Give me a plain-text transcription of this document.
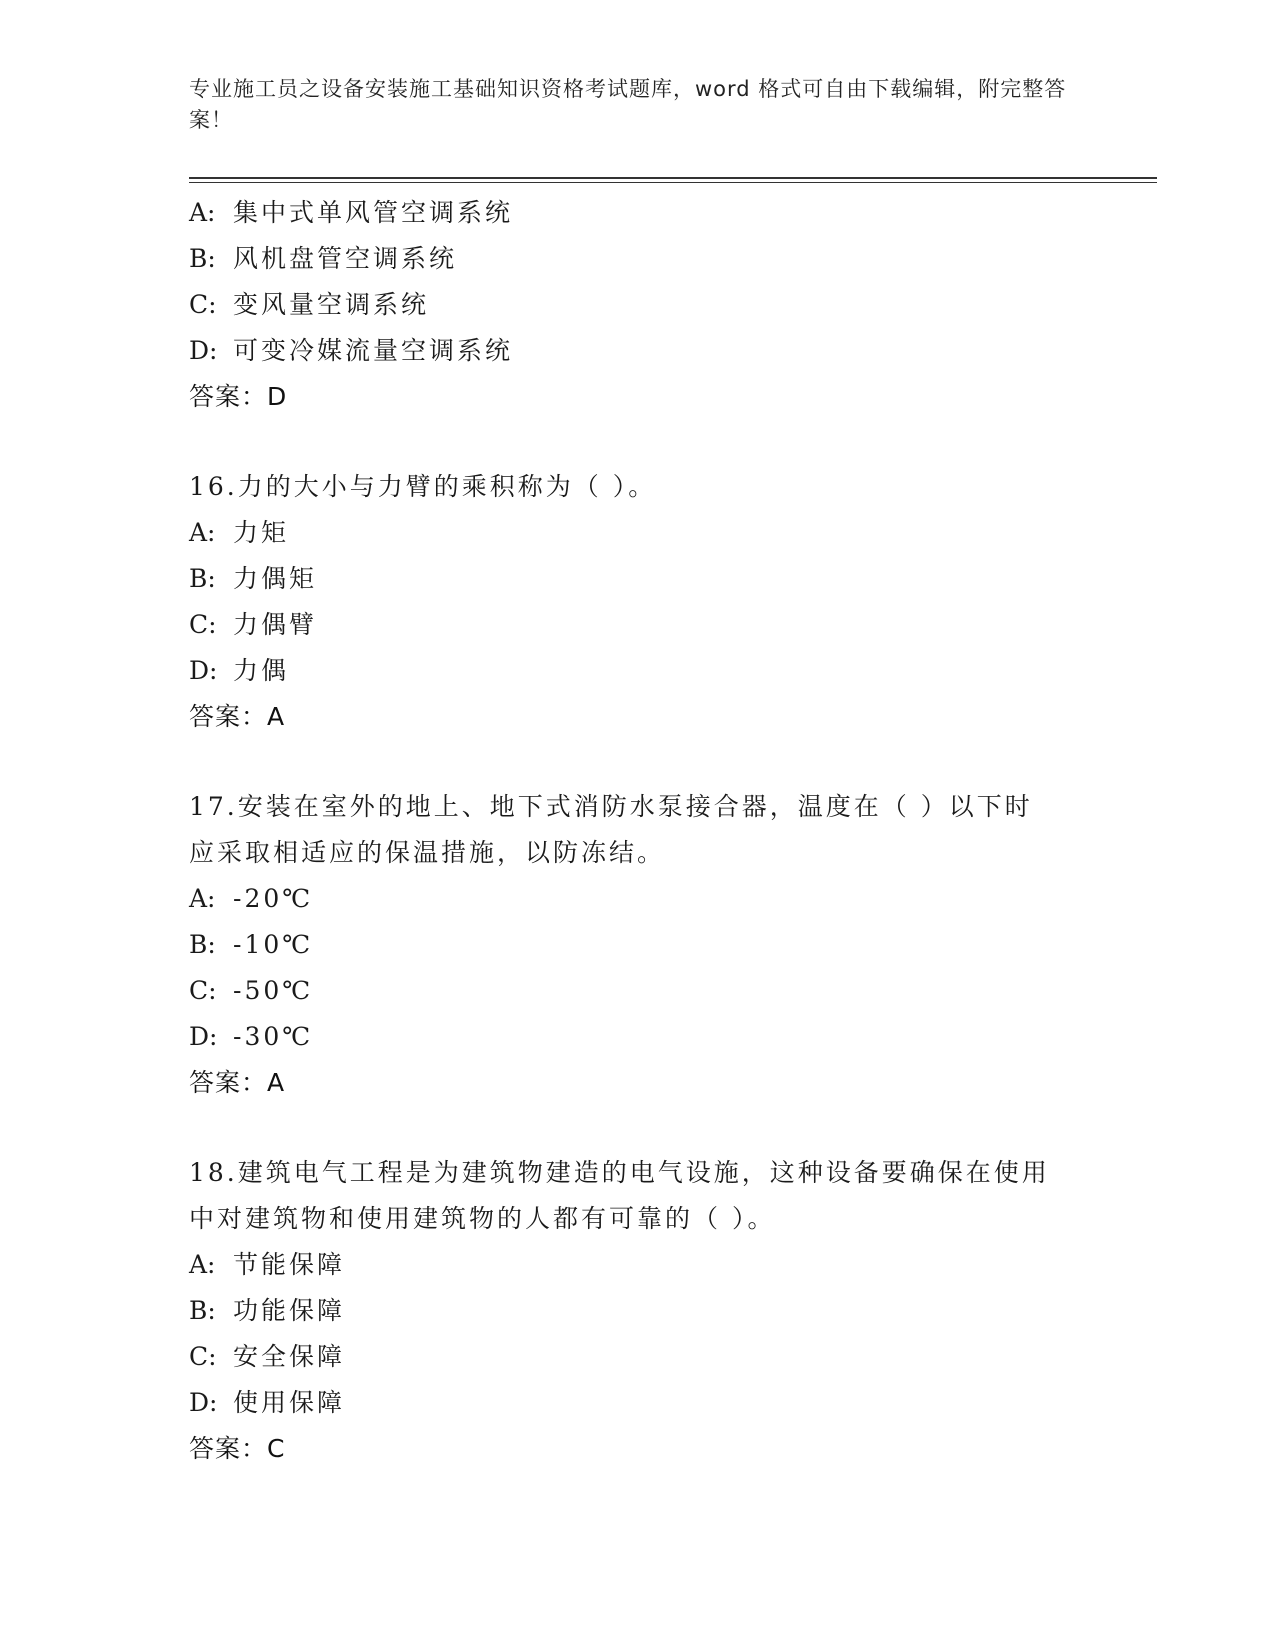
专业施工员之设备安装施工基础知识资格考试题库，word 格式可自由下载编辑，附完整答案！
A: 集中式单风管空调系统
B: 风机盘管空调系统
C: 变风量空调系统
D: 可变冷媒流量空调系统
答案：D
16.力的大小与力臂的乘积称为（ ）。
A: 力矩
B: 力偶矩
C: 力偶臂
D: 力偶
答案：A
17.安装在室外的地上、地下式消防水泵接合器，温度在（ ）以下时应采取相适应的保温措施，以防冻结。
A: -20℃
B: -10℃
C: -50℃
D: -30℃
答案：A
18.建筑电气工程是为建筑物建造的电气设施，这种设备要确保在使用中对建筑物和使用建筑物的人都有可靠的（ ）。
A: 节能保障
B: 功能保障
C: 安全保障
D: 使用保障
答案：C
